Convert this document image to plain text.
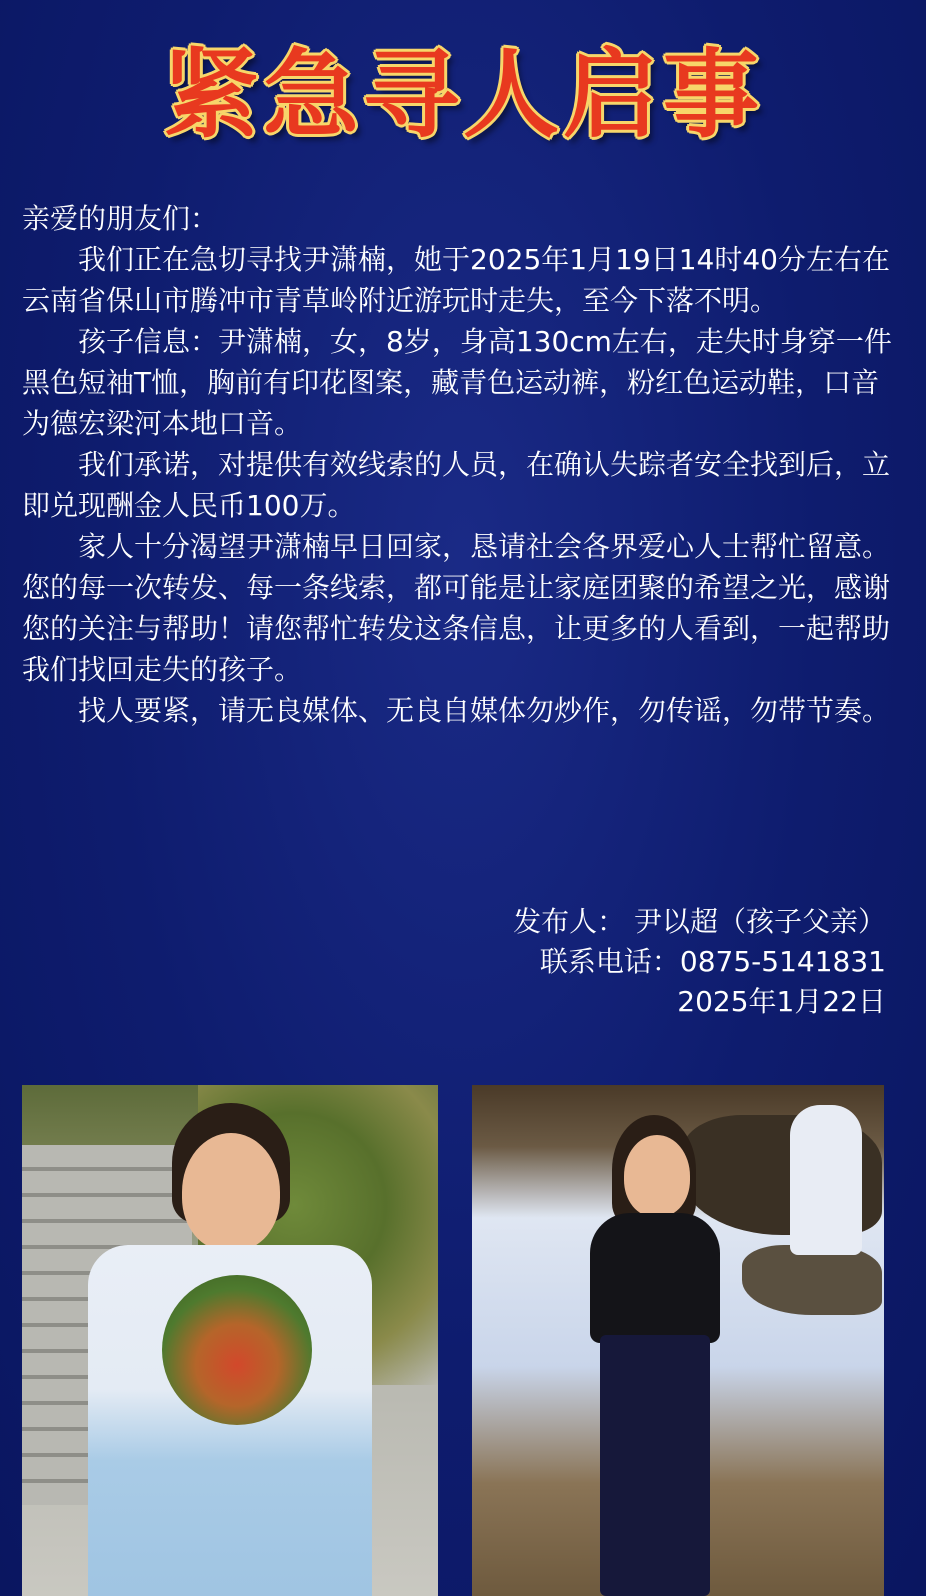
紧急寻人启事

亲爱的朋友们：

我们正在急切寻找尹潇楠，她于2025年1月19日14时40分左右在云南省保山市腾冲市青草岭附近游玩时走失，至今下落不明。

孩子信息：尹潇楠，女，8岁，身高130cm左右，走失时身穿一件黑色短袖T恤，胸前有印花图案，藏青色运动裤，粉红色运动鞋，口音为德宏梁河本地口音。

我们承诺，对提供有效线索的人员，在确认失踪者安全找到后，立即兑现酬金人民币100万。

家人十分渴望尹潇楠早日回家，恳请社会各界爱心人士帮忙留意。您的每一次转发、每一条线索，都可能是让家庭团聚的希望之光，感谢您的关注与帮助！请您帮忙转发这条信息，让更多的人看到，一起帮助我们找回走失的孩子。

找人要紧，请无良媒体、无良自媒体勿炒作，勿传谣，勿带节奏。

发布人： 尹以超（孩子父亲）
联系电话：0875-5141831
2025年1月22日
